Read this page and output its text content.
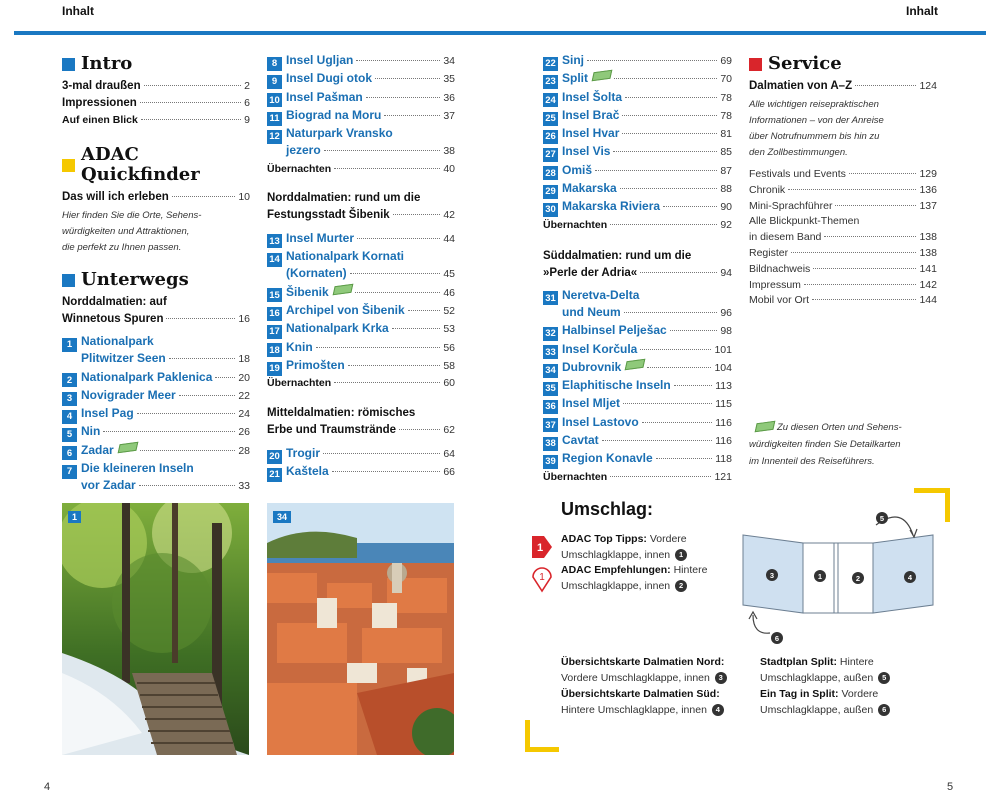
Inhalt	Inhalt
Intro
3-mal draußen	2
Impressionen	6
Auf einen Blick	9
ADAC Quickfinder
Das will ich erleben	10
Hier finden Sie die Orte, Sehens-
würdigkeiten und Attraktionen,
die perfekt zu Ihnen passen.
Unterwegs
Norddalmatien: auf
Winnetous Spuren	16
1 Nationalpark
Plitwitzer Seen	18
2 Nationalpark Paklenica 20
3 Novigrader Meer	22
4 Insel Pag	24
5 Nin	26
6 Zadar	28
7 Die kleineren Inseln
vor Zadar	33
8 Insel Ugljan	34
9 Insel Dugi otok	35
10 Insel Pašman	36
11 Biograd na Moru	37
12 Naturpark Vransko
jezero	38
Übernachten	40
Norddalmatien: rund um die
Festungsstadt Šibenik	42
13 Insel Murter	44
14 Nationalpark Kornati
(Kornaten)	45
15 Šibenik	46
16 Archipel von Šibenik	52
17 Nationalpark Krka	53
18 Knin	56
19 Primošten	58
Übernachten	60
Mitteldalmatien: römisches
Erbe und Traumstrände	62
20 Trogir	64
21 Kaštela	66
22 Sinj	69
23 Split	70
24 Insel Šolta	78
25 Insel Brač	78
26 Insel Hvar	81
27 Insel Vis	85
28 Omiš	87
29 Makarska	88
30 Makarska Riviera	90
Übernachten	92
Süddalmatien: rund um die
»Perle der Adria«	94
31 Neretva-Delta
und Neum	96
32 Halbinsel Pelješac	98
33 Insel Korčula	101
34 Dubrovnik	104
35 Elaphitische Inseln	113
36 Insel Mljet	115
37 Insel Lastovo	116
38 Cavtat	116
39 Region Konavle	118
Übernachten	121
Service
Dalmatien von A–Z	124
Alle wichtigen reisepraktischen
Informationen – von der Anreise
über Notrufnummern bis hin zu
den Zollbestimmungen.
Festivals und Events	129
Chronik	136
Mini-Sprachführer	137
Alle Blickpunkt-Themen
in diesem Band	138
Register	138
Bildnachweis	141
Impressum	142
Mobil vor Ort	144
Zu diesen Orten und Sehens-
würdigkeiten finden Sie Detailkarten
im Innenteil des Reiseführers.
1	34	Umschlag:
1
ADAC Top Tipps: Vordere
Umschlagklappe, innen 1
1
ADAC Empfehlungen: Hintere
Umschlagklappe, innen 2
3	1	2	4
5
6
Übersichtskarte Dalmatien Nord:
Vordere Umschlagklappe, innen 3
Übersichtskarte Dalmatien Süd:
Hintere Umschlagklappe, innen 4
Stadtplan Split: Hintere
Umschlagklappe, außen 5
Ein Tag in Split: Vordere
Umschlagklappe, außen 6
4	5
